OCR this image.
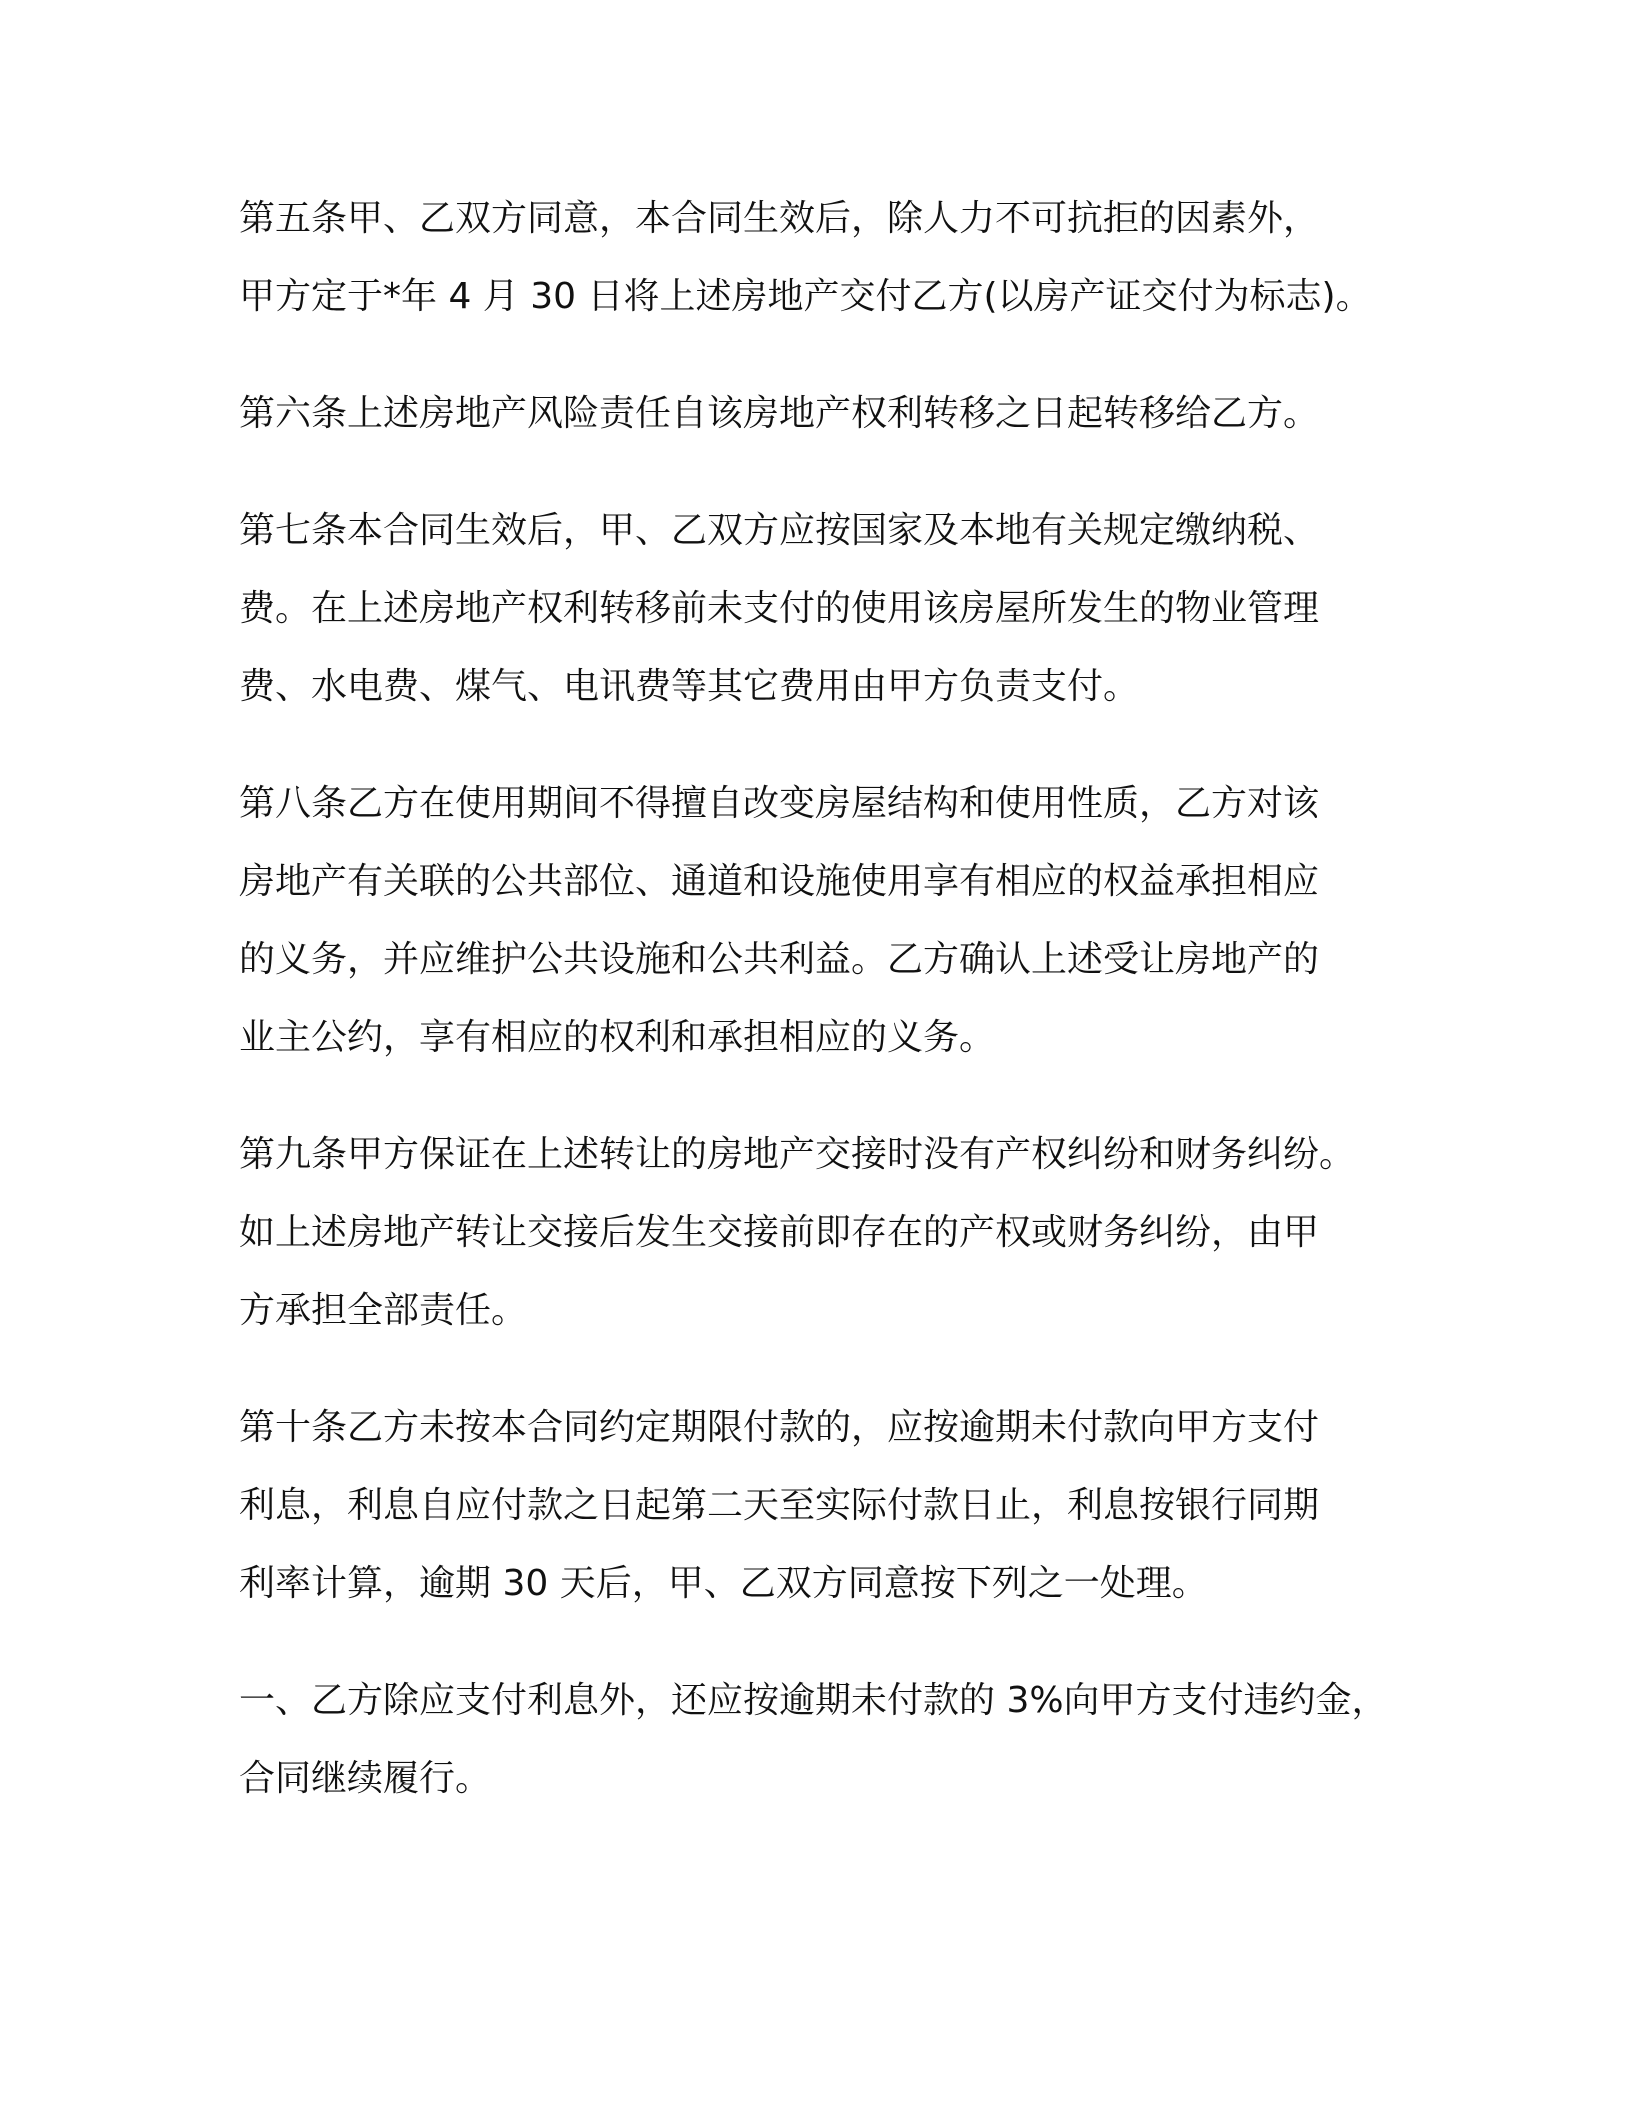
第五条甲、乙双方同意，本合同生效后，除人力不可抗拒的因素外，
甲方定于*年 4 月 30 日将上述房地产交付乙方(以房产证交付为标志)。

第六条上述房地产风险责任自该房地产权利转移之日起转移给乙方。

第七条本合同生效后，甲、乙双方应按国家及本地有关规定缴纳税、
费。在上述房地产权利转移前未支付的使用该房屋所发生的物业管理
费、水电费、煤气、电讯费等其它费用由甲方负责支付。

第八条乙方在使用期间不得擅自改变房屋结构和使用性质，乙方对该
房地产有关联的公共部位、通道和设施使用享有相应的权益承担相应
的义务，并应维护公共设施和公共利益。乙方确认上述受让房地产的
业主公约，享有相应的权利和承担相应的义务。

第九条甲方保证在上述转让的房地产交接时没有产权纠纷和财务纠纷。
如上述房地产转让交接后发生交接前即存在的产权或财务纠纷，由甲
方承担全部责任。

第十条乙方未按本合同约定期限付款的，应按逾期未付款向甲方支付
利息，利息自应付款之日起第二天至实际付款日止，利息按银行同期
利率计算，逾期 30 天后，甲、乙双方同意按下列之一处理。

一、乙方除应支付利息外，还应按逾期未付款的 3%向甲方支付违约金，
合同继续履行。
